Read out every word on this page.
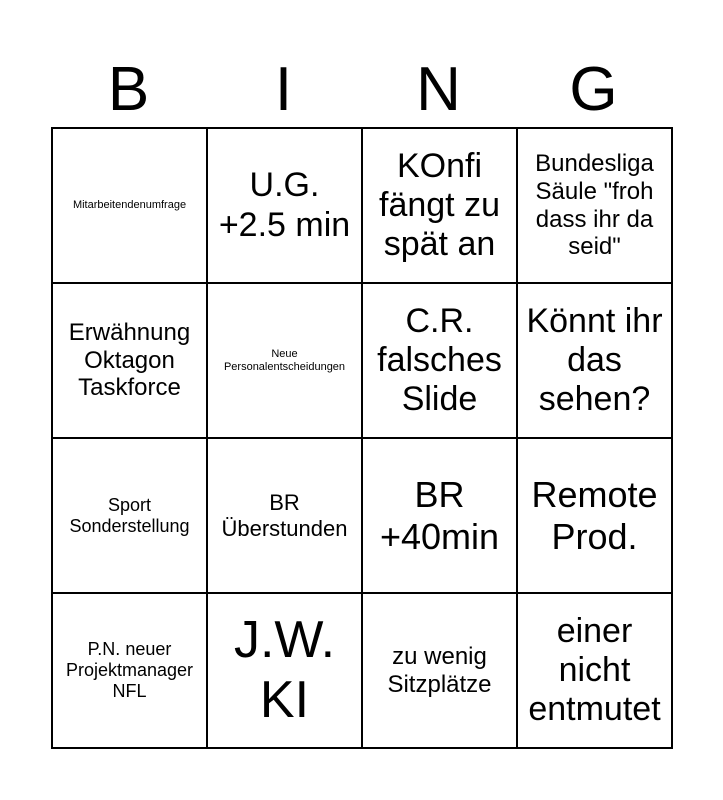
B	I	N	G
Mitarbeitendenumfrage	U.G. +2.5 min	KOnfi fängt zu spät an	Bundesliga Säule "froh dass ihr da seid"
Erwähnung Oktagon Taskforce	Neue Personalentscheidungen	C.R. falsches Slide	Könnt ihr das sehen?
Sport Sonderstellung	BR Überstunden	BR +40min	Remote Prod.
P.N. neuer Projektmanager NFL	J.W. KI	zu wenig Sitzplätze	einer nicht entmutet
